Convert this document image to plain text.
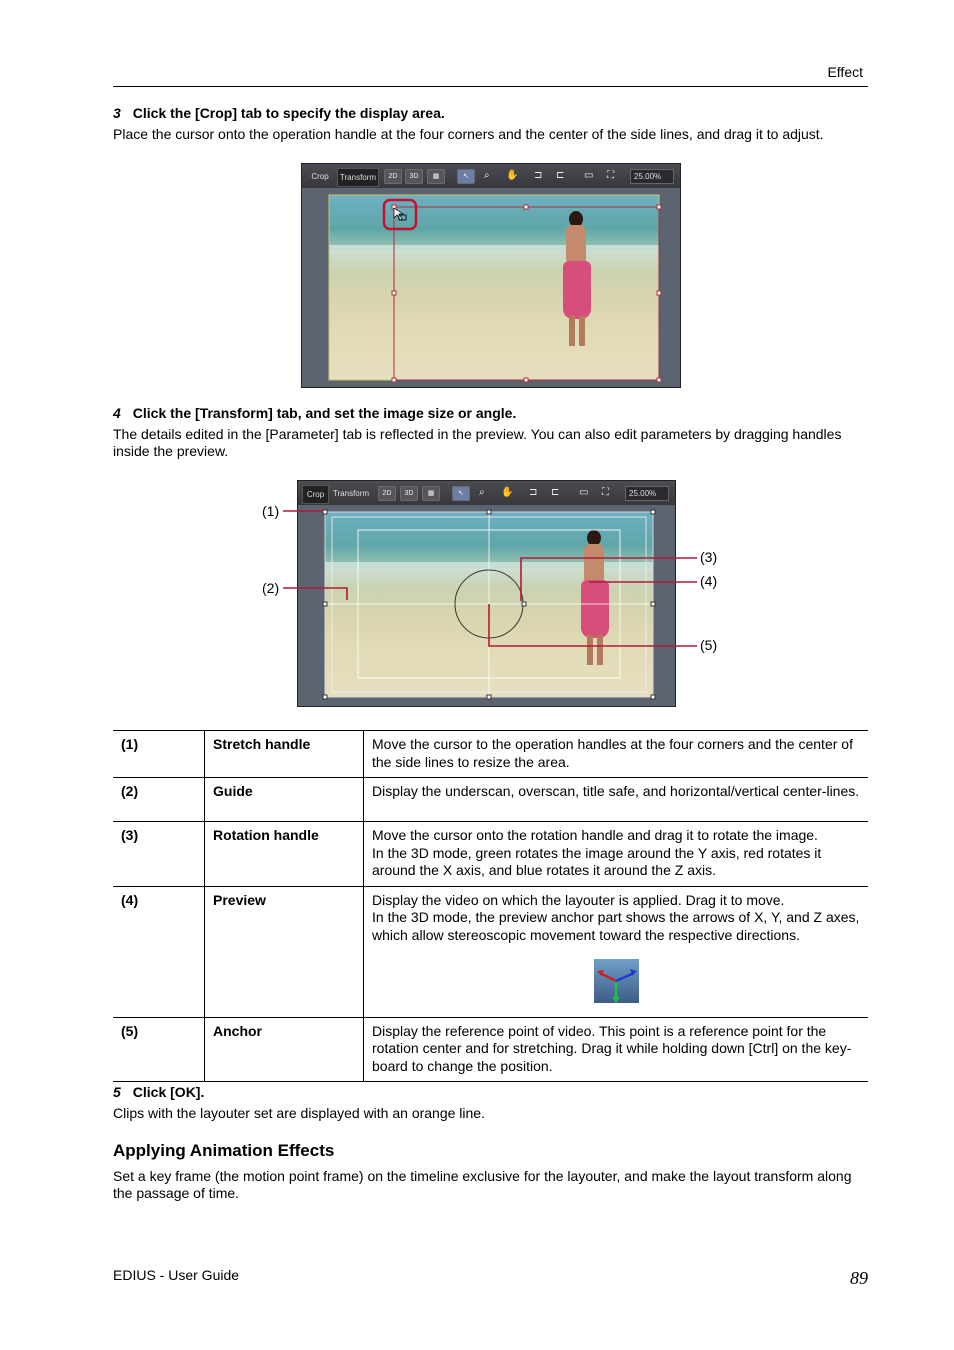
Effect
3 Click the [Crop] tab to specify the display area.
Place the cursor onto the operation handle at the four corners and the center of the side lines, and drag it to adjust.
Crop	Transform	2D	3D	▦	↖	⌕ ✋ ⊐ ⊏ ▭ ⛶	25.00%
4 Click the [Transform] tab, and set the image size or angle.
The details edited in the [Parameter] tab is reflected in the preview. You can also edit parameters by dragging handles inside the preview.
Crop	Transform	2D	3D	▦	↖	⌕ ✋ ⊐ ⊏ ▭ ⛶	25.00%
(1)
(2)
(3)
(4)
(5)
(1)	Stretch handle	Move the cursor to the operation handles at the four corners and the center of the side lines to resize the area.

(2)	Guide	Display the underscan, overscan, title safe, and horizontal/vertical center-lines.

(3)	Rotation handle	Move the cursor onto the rotation handle and drag it to rotate the image.
In the 3D mode, green rotates the image around the Y axis, red rotates it around the X axis, and blue rotates it around the Z axis.

(4)	Preview	Display the video on which the layouter is applied. Drag it to move.
In the 3D mode, the preview anchor part shows the arrows of X, Y, and Z axes, which allow stereoscopic movement toward the respective directions.

(5)	Anchor	Display the reference point of video. This point is a reference point for the rotation center and for stretching. Drag it while holding down [Ctrl] on the key-board to change the position.
5 Click [OK].
Clips with the layouter set are displayed with an orange line.
Applying Animation Effects
Set a key frame (the motion point frame) on the timeline exclusive for the layouter, and make the layout transform along the passage of time.
EDIUS - User Guide	89
